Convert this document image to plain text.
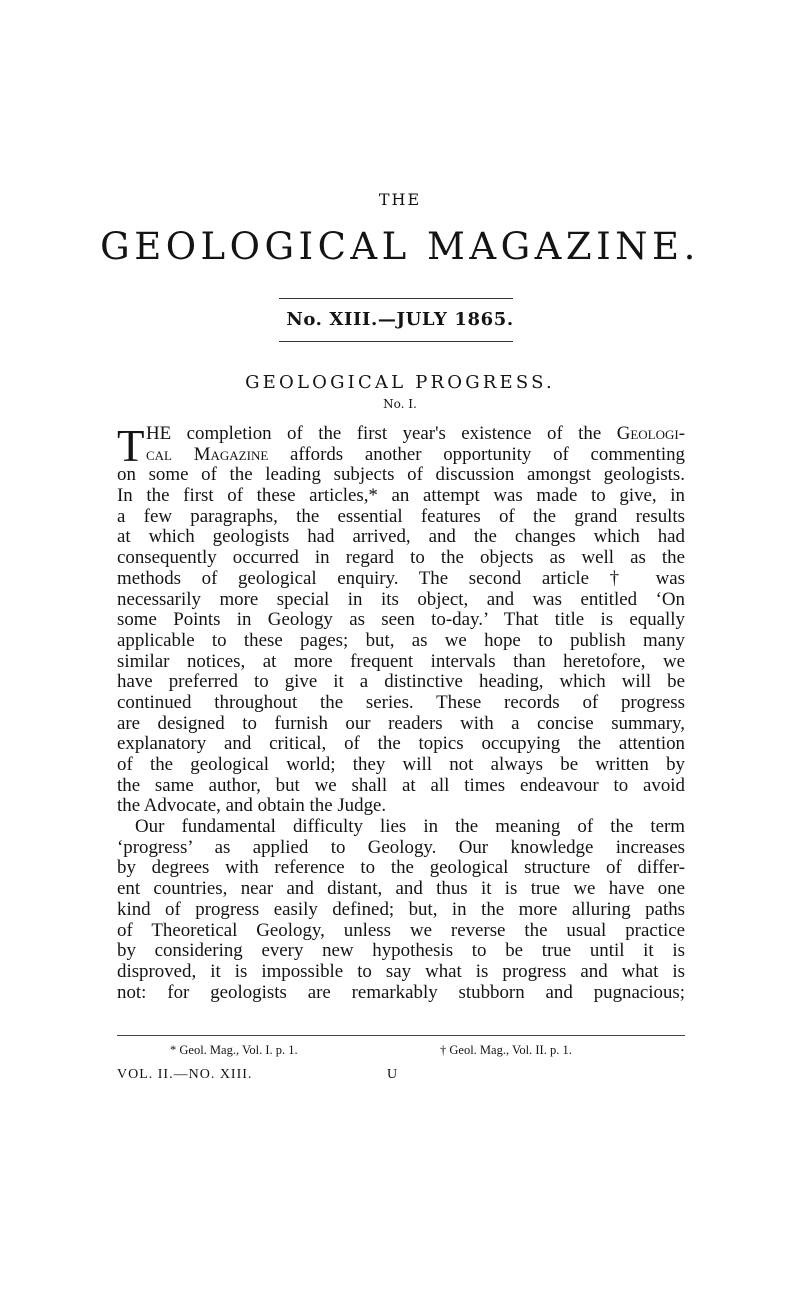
THE
GEOLOGICAL MAGAZINE.
No. XIII.—JULY 1865.
GEOLOGICAL PROGRESS.
No. I.
T HE completion of the first year's existence of the Geologi-
cal Magazine affords another opportunity of commenting
on some of the leading subjects of discussion amongst geologists.
In the first of these articles,* an attempt was made to give, in
a few paragraphs, the essential features of the grand results
at which geologists had arrived, and the changes which had
consequently occurred in regard to the objects as well as the
methods of geological enquiry. The second article † was
necessarily more special in its object, and was entitled ‘On
some Points in Geology as seen to-day.’ That title is equally
applicable to these pages; but, as we hope to publish many
similar notices, at more frequent intervals than heretofore, we
have preferred to give it a distinctive heading, which will be
continued throughout the series. These records of progress
are designed to furnish our readers with a concise summary,
explanatory and critical, of the topics occupying the attention
of the geological world; they will not always be written by
the same author, but we shall at all times endeavour to avoid
the Advocate, and obtain the Judge.
Our fundamental difficulty lies in the meaning of the term
‘progress’ as applied to Geology. Our knowledge increases
by degrees with reference to the geological structure of differ-
ent countries, near and distant, and thus it is true we have one
kind of progress easily defined; but, in the more alluring paths
of Theoretical Geology, unless we reverse the usual practice
by considering every new hypothesis to be true until it is
disproved, it is impossible to say what is progress and what is
not: for geologists are remarkably stubborn and pugnacious;
* Geol. Mag., Vol. I. p. 1.	† Geol. Mag., Vol. II. p. 1.
VOL. II.—NO. XIII.	U
